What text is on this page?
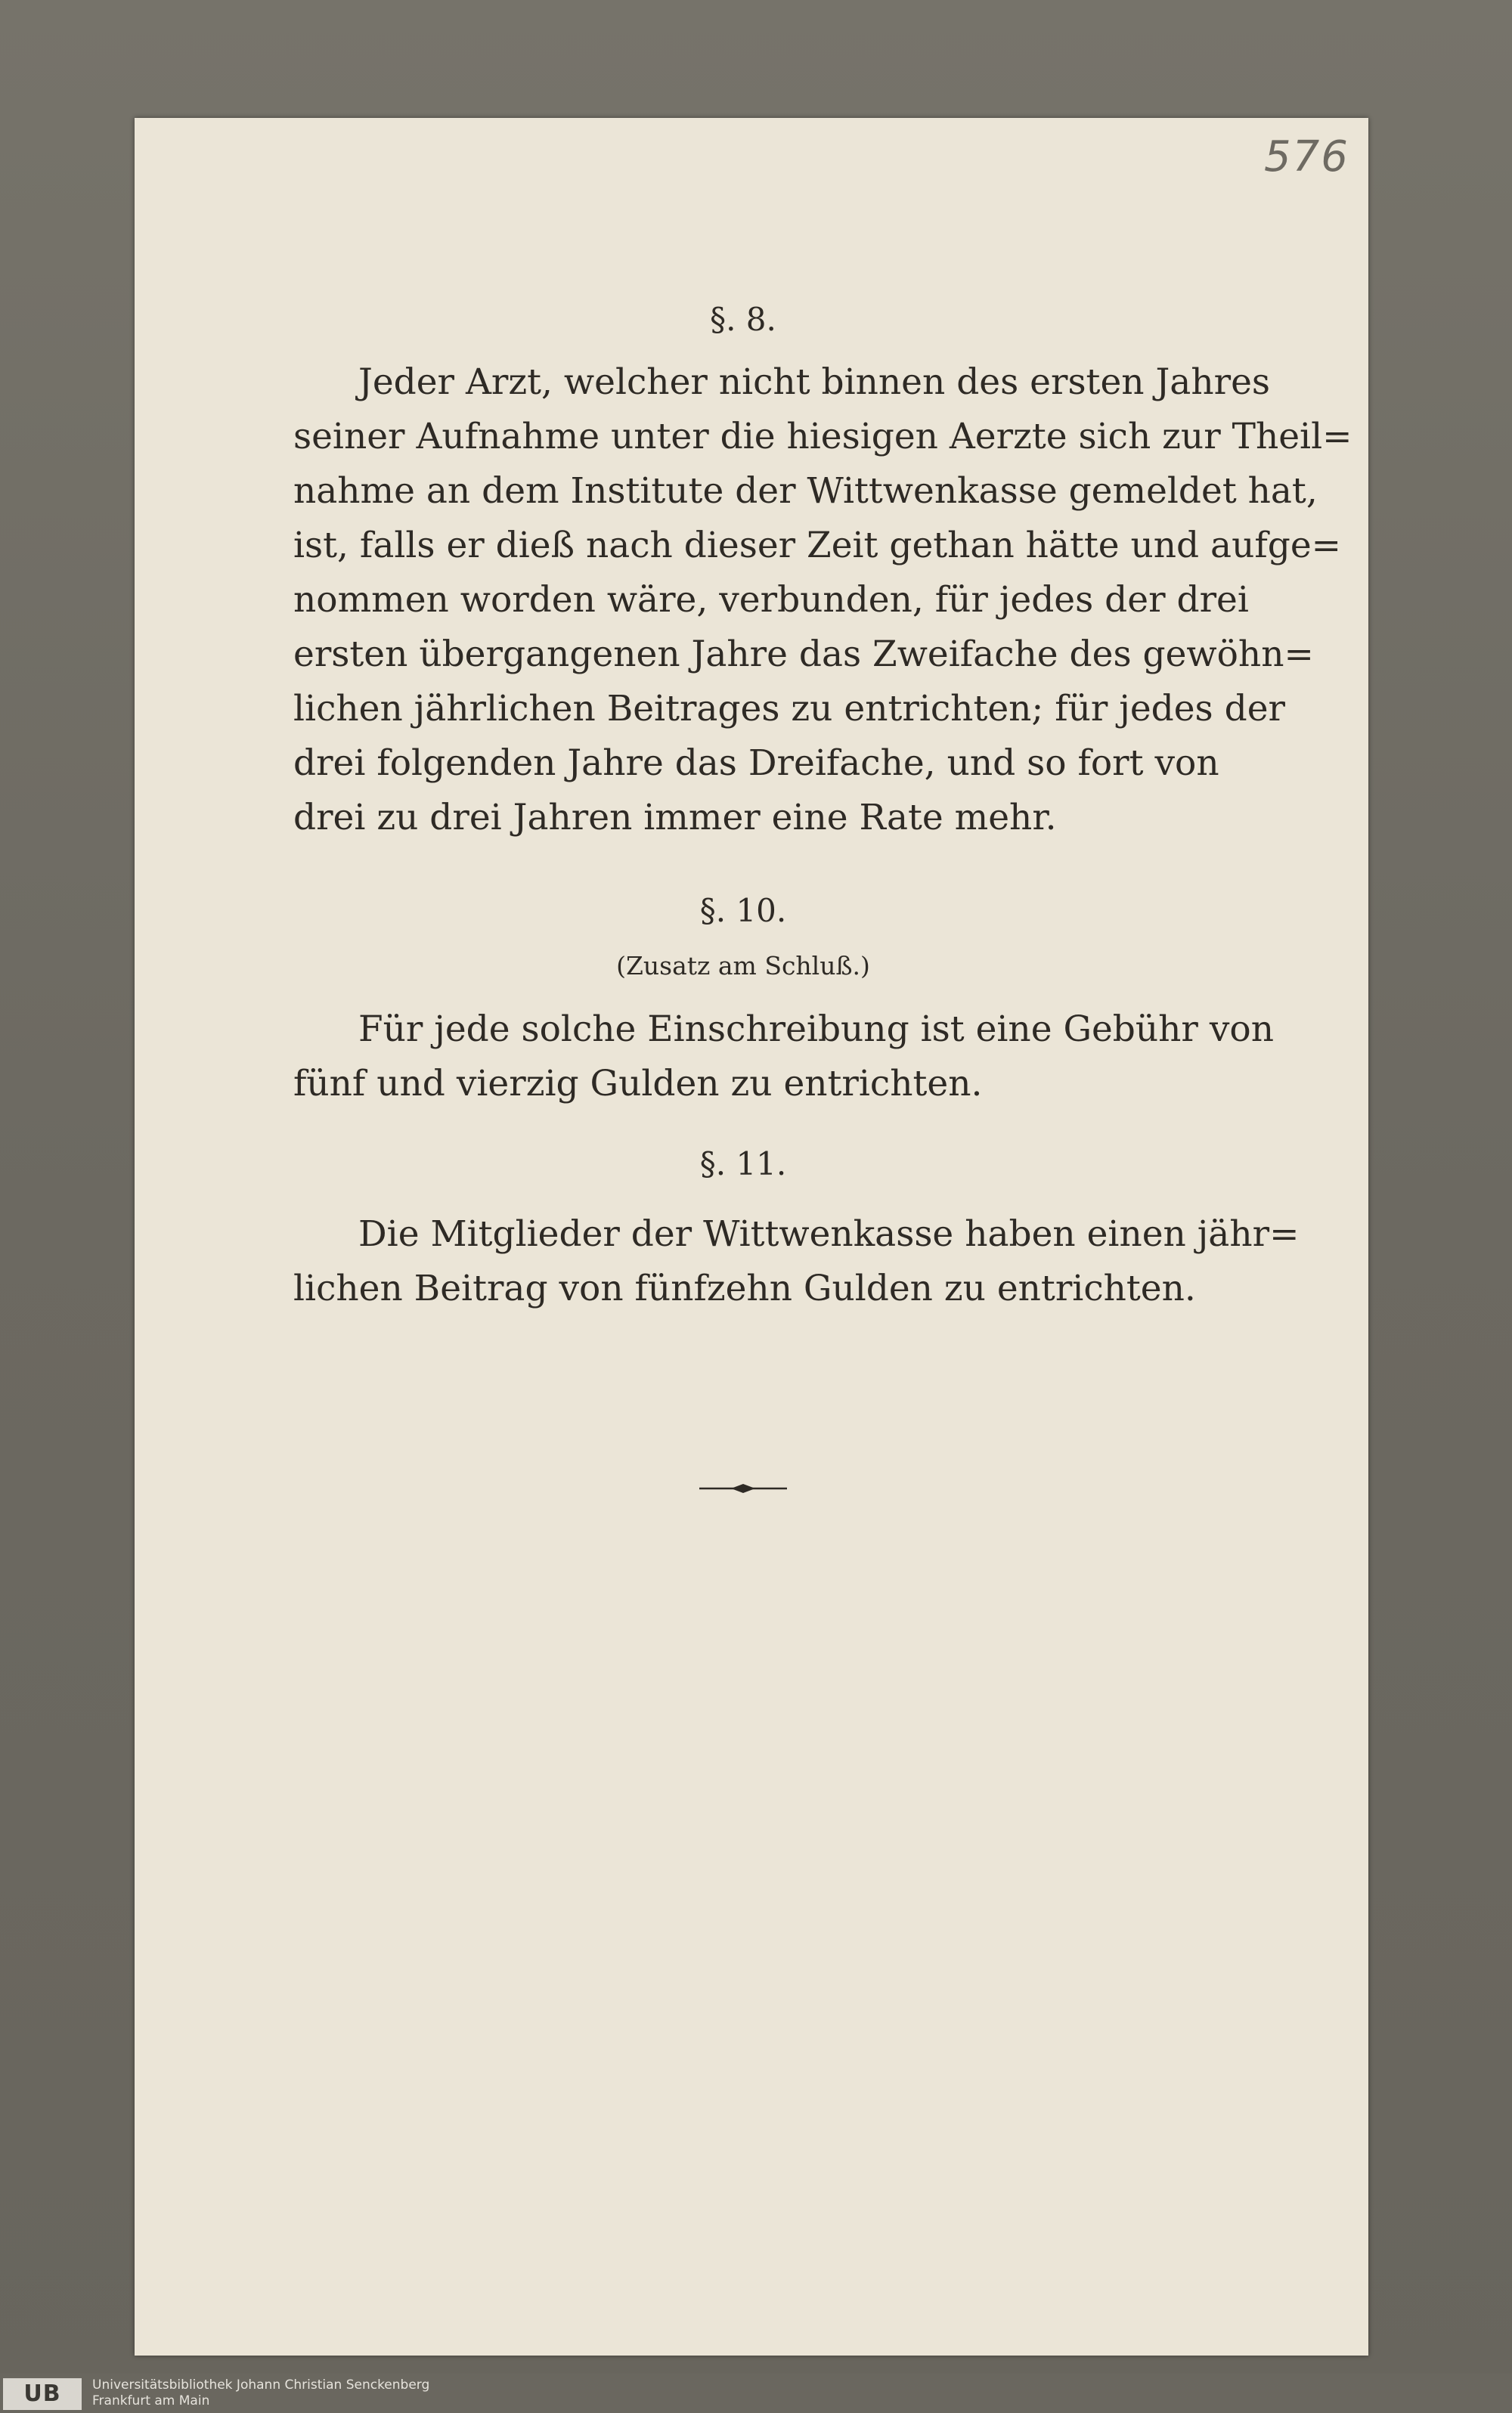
576
§. 8.
Jeder Arzt, welcher nicht binnen des ersten Jahres
seiner Aufnahme unter die hiesigen Aerzte sich zur Theil=
nahme an dem Institute der Wittwenkasse gemeldet hat,
ist, falls er dieß nach dieser Zeit gethan hätte und aufge=
nommen worden wäre, verbunden, für jedes der drei
ersten übergangenen Jahre das Zweifache des gewöhn=
lichen jährlichen Beitrages zu entrichten; für jedes der
drei folgenden Jahre das Dreifache, und so fort von
drei zu drei Jahren immer eine Rate mehr.
§. 10.
(Zusatz am Schluß.)
Für jede solche Einschreibung ist eine Gebühr von
fünf und vierzig Gulden zu entrichten.
§. 11.
Die Mitglieder der Wittwenkasse haben einen jähr=
lichen Beitrag von fünfzehn Gulden zu entrichten.
UB	Universitätsbibliothek Johann Christian Senckenberg
Frankfurt am Main
